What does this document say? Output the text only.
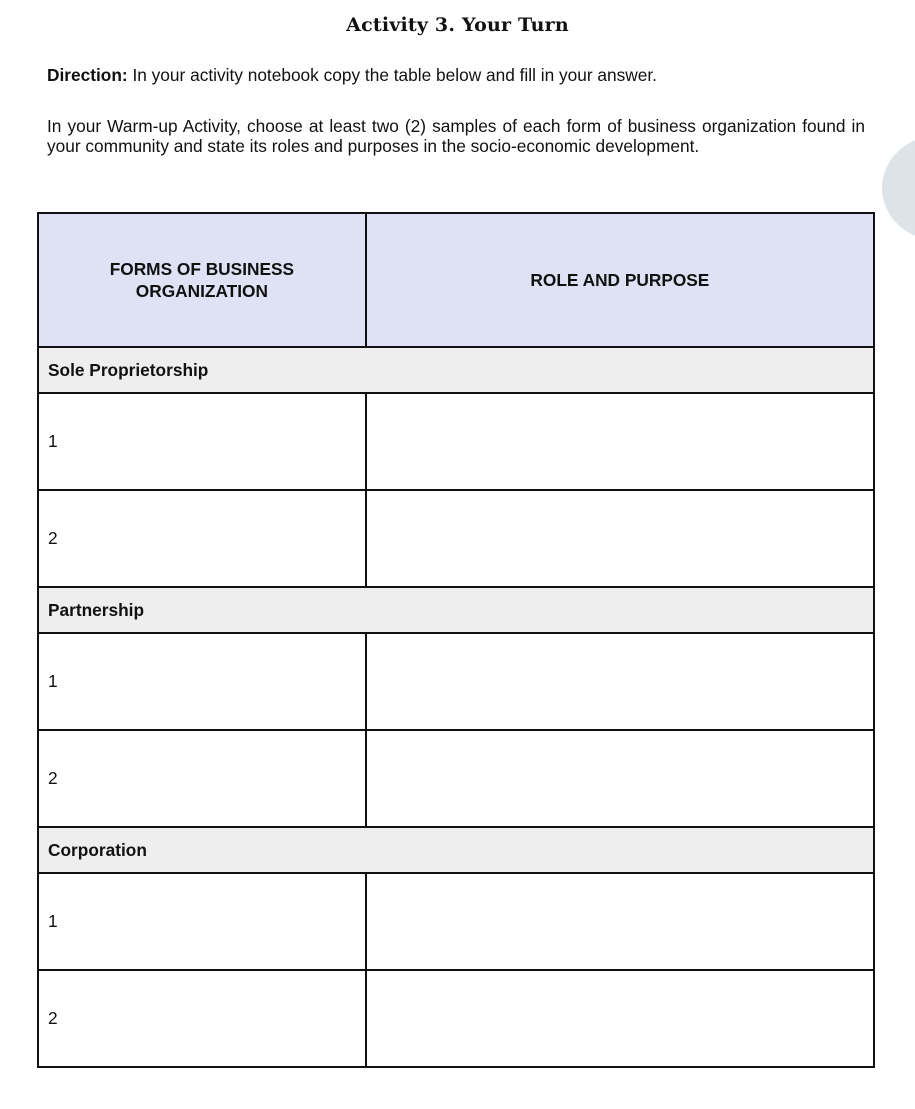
Activity 3. Your Turn
Direction: In your activity notebook copy the table below and fill in your answer.
In your Warm-up Activity, choose at least two (2) samples of each form of business organization found in your community and state its roles and purposes in the socio-economic development.
FORMS OF BUSINESS ORGANIZATION	ROLE AND PURPOSE
Sole Proprietorship	
1	
2	
Partnership	
1	
2	
Corporation	
1	
2	
